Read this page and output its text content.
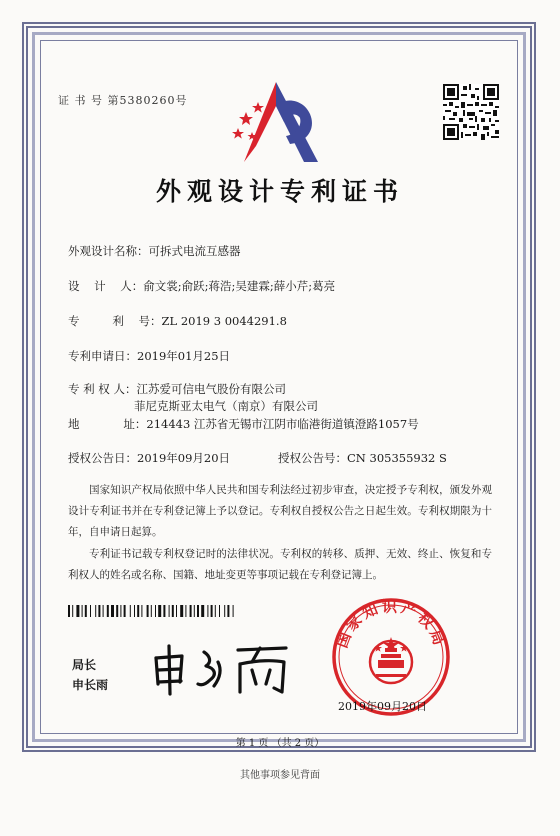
证 书 号 第5380260号
外观设计专利证书
外观设计名称：可拆式电流互感器
设    计    人：俞文裳;俞跃;蒋浩;吴建霖;薛小芹;葛亮
专         利    号：ZL 2019 3 0044291.8
专利申请日：2019年01月25日
专 利 权 人：江苏爱可信电气股份有限公司
菲尼克斯亚太电气（南京）有限公司
地            址：214443 江苏省无锡市江阴市临港街道镇澄路1057号
授权公告日：2019年09月20日	授权公告号：CN 305355932 S

国家知识产权局依照中华人民共和国专利法经过初步审查，决定授予专利权，颁发外观设计专利证书并在专利登记簿上予以登记。专利权自授权公告之日起生效。专利权期限为十年，自申请日起算。

专利证书记载专利权登记时的法律状况。专利权的转移、质押、无效、终止、恢复和专利权人的姓名或名称、国籍、地址变更等事项记载在专利登记簿上。

局长
申长雨
国家知识产权局
2019年09月20日
第 1 页 （共 2 页）
其他事项参见背面
